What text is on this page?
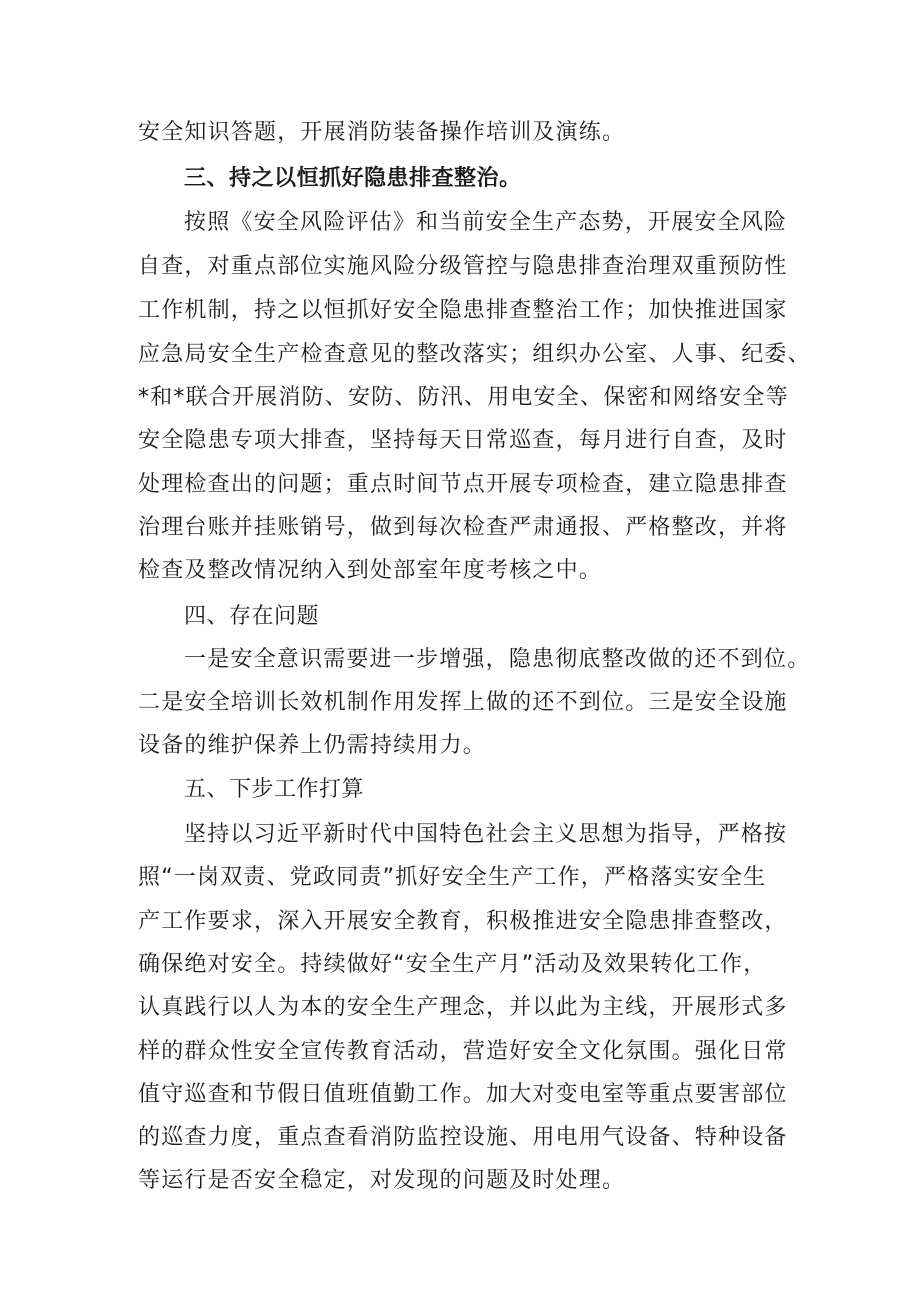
安全知识答题，开展消防装备操作培训及演练。
三、持之以恒抓好隐患排查整治。
按照《安全风险评估》和当前安全生产态势，开展安全风险
自查，对重点部位实施风险分级管控与隐患排查治理双重预防性
工作机制，持之以恒抓好安全隐患排查整治工作；加快推进国家
应急局安全生产检查意见的整改落实；组织办公室、人事、纪委、
*和*联合开展消防、安防、防汛、用电安全、保密和网络安全等
安全隐患专项大排查，坚持每天日常巡查，每月进行自查，及时
处理检查出的问题；重点时间节点开展专项检查，建立隐患排查
治理台账并挂账销号，做到每次检查严肃通报、严格整改，并将
检查及整改情况纳入到处部室年度考核之中。
四、存在问题
一是安全意识需要进一步增强，隐患彻底整改做的还不到位。
二是安全培训长效机制作用发挥上做的还不到位。三是安全设施
设备的维护保养上仍需持续用力。
五、下步工作打算
坚持以习近平新时代中国特色社会主义思想为指导，严格按
照“一岗双责、党政同责”抓好安全生产工作，严格落实安全生
产工作要求，深入开展安全教育，积极推进安全隐患排查整改，
确保绝对安全。持续做好“安全生产月”活动及效果转化工作，
认真践行以人为本的安全生产理念，并以此为主线，开展形式多
样的群众性安全宣传教育活动，营造好安全文化氛围。强化日常
值守巡查和节假日值班值勤工作。加大对变电室等重点要害部位
的巡查力度，重点查看消防监控设施、用电用气设备、特种设备
等运行是否安全稳定，对发现的问题及时处理。
